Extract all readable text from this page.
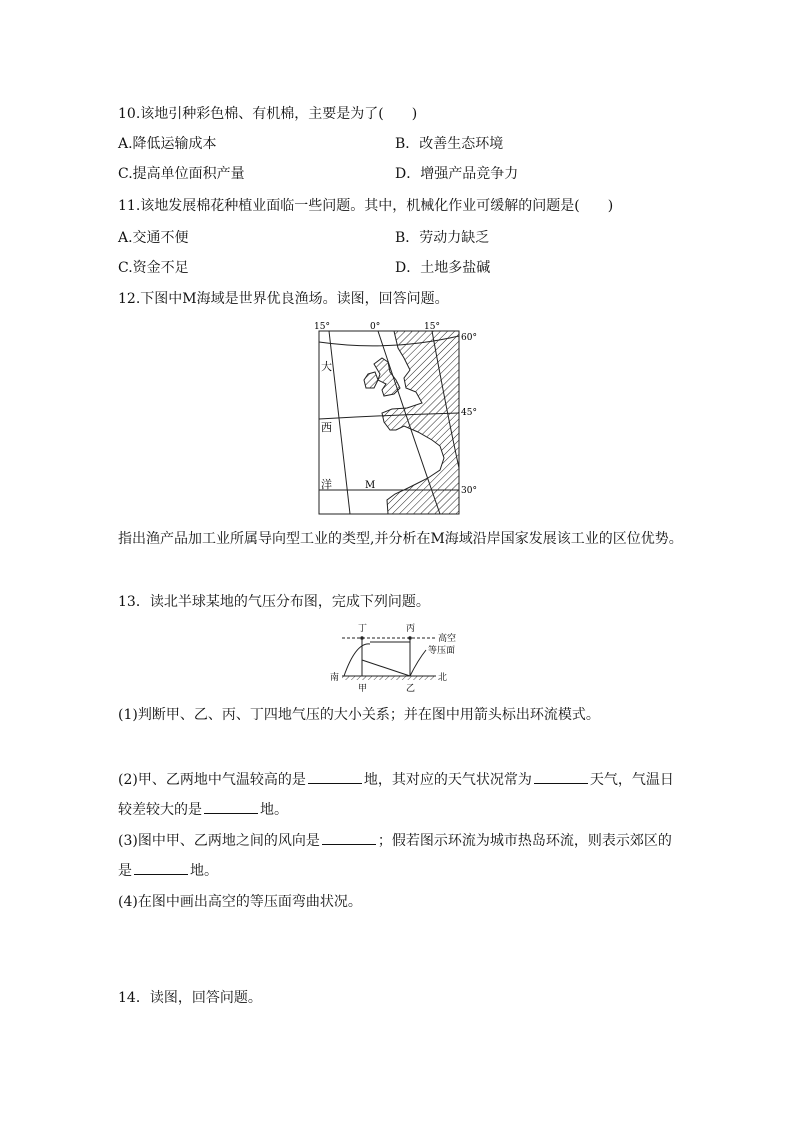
10.该地引种彩色棉、有机棉，主要是为了(　　)
A.降低运输成本	B．改善生态环境
C.提高单位面积产量	D．增强产品竞争力
11.该地发展棉花种植业面临一些问题。其中，机械化作业可缓解的问题是(　　)
A.交通不便	B．劳动力缺乏
C.资金不足	D．土地多盐碱
12.下图中M海域是世界优良渔场。读图，回答问题。
15°	0°	15°
60°
45°
30°
大
西
洋	M
指出渔产品加工业所属导向型工业的类型,并分析在M海域沿岸国家发展该工业的区位优势。
13．读北半球某地的气压分布图，完成下列问题。
丁	丙
高空
等压面
南	北
甲	乙
(1)判断甲、乙、丙、丁四地气压的大小关系；并在图中用箭头标出环流模式。
(2)甲、乙两地中气温较高的是	地，其对应的天气状况常为	天气，气温日
较差较大的是	地。
(3)图中甲、乙两地之间的风向是	；假若图示环流为城市热岛环流，则表示郊区的
是	地。
(4)在图中画出高空的等压面弯曲状况。
14．读图，回答问题。
